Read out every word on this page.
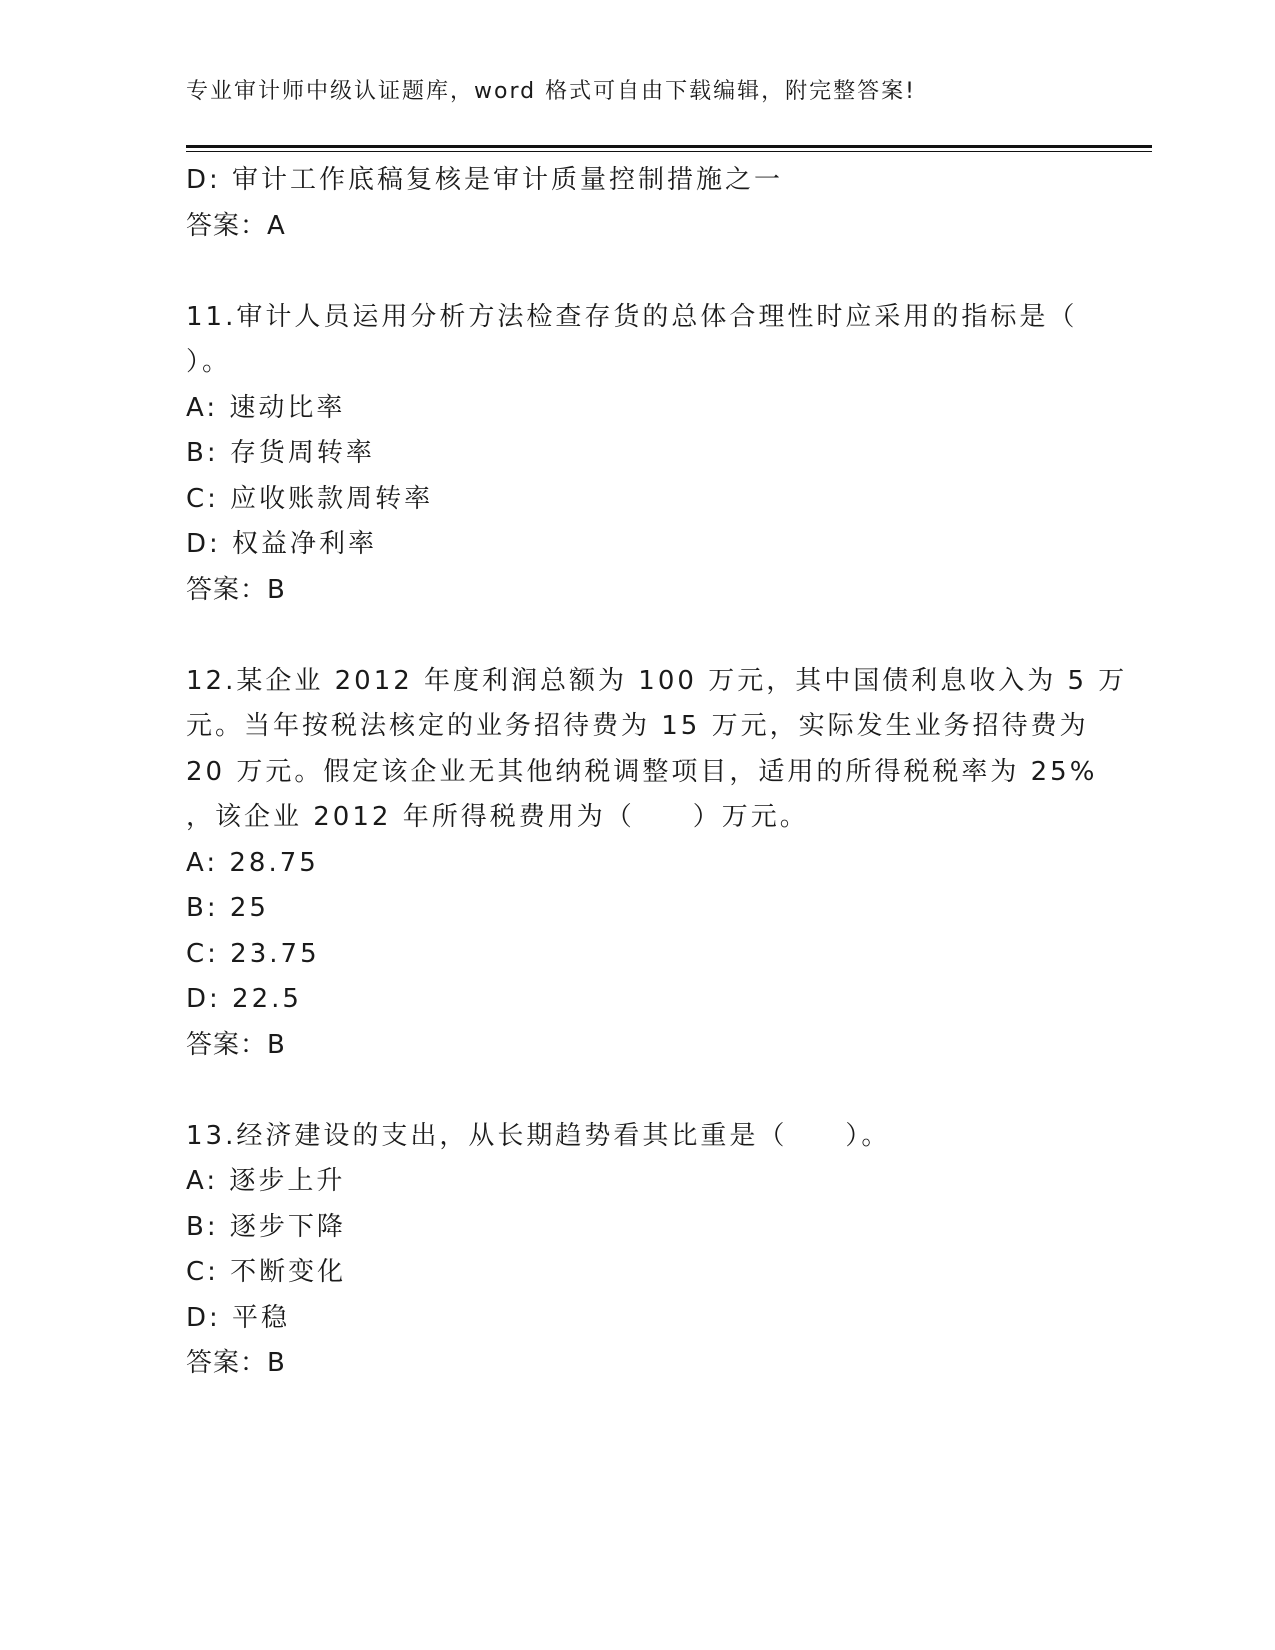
专业审计师中级认证题库，word 格式可自由下载编辑，附完整答案!
D: 审计工作底稿复核是审计质量控制措施之一
答案：A
11.审计人员运用分析方法检查存货的总体合理性时应采用的指标是（
）。
A: 速动比率
B: 存货周转率
C: 应收账款周转率
D: 权益净利率
答案：B
12.某企业 2012 年度利润总额为 100 万元，其中国债利息收入为 5 万
元。当年按税法核定的业务招待费为 15 万元，实际发生业务招待费为
20 万元。假定该企业无其他纳税调整项目，适用的所得税税率为 25%
，该企业 2012 年所得税费用为（　　）万元。
A: 28.75
B: 25
C: 23.75
D: 22.5
答案：B
13.经济建设的支出，从长期趋势看其比重是（　　）。
A: 逐步上升
B: 逐步下降
C: 不断变化
D: 平稳
答案：B
